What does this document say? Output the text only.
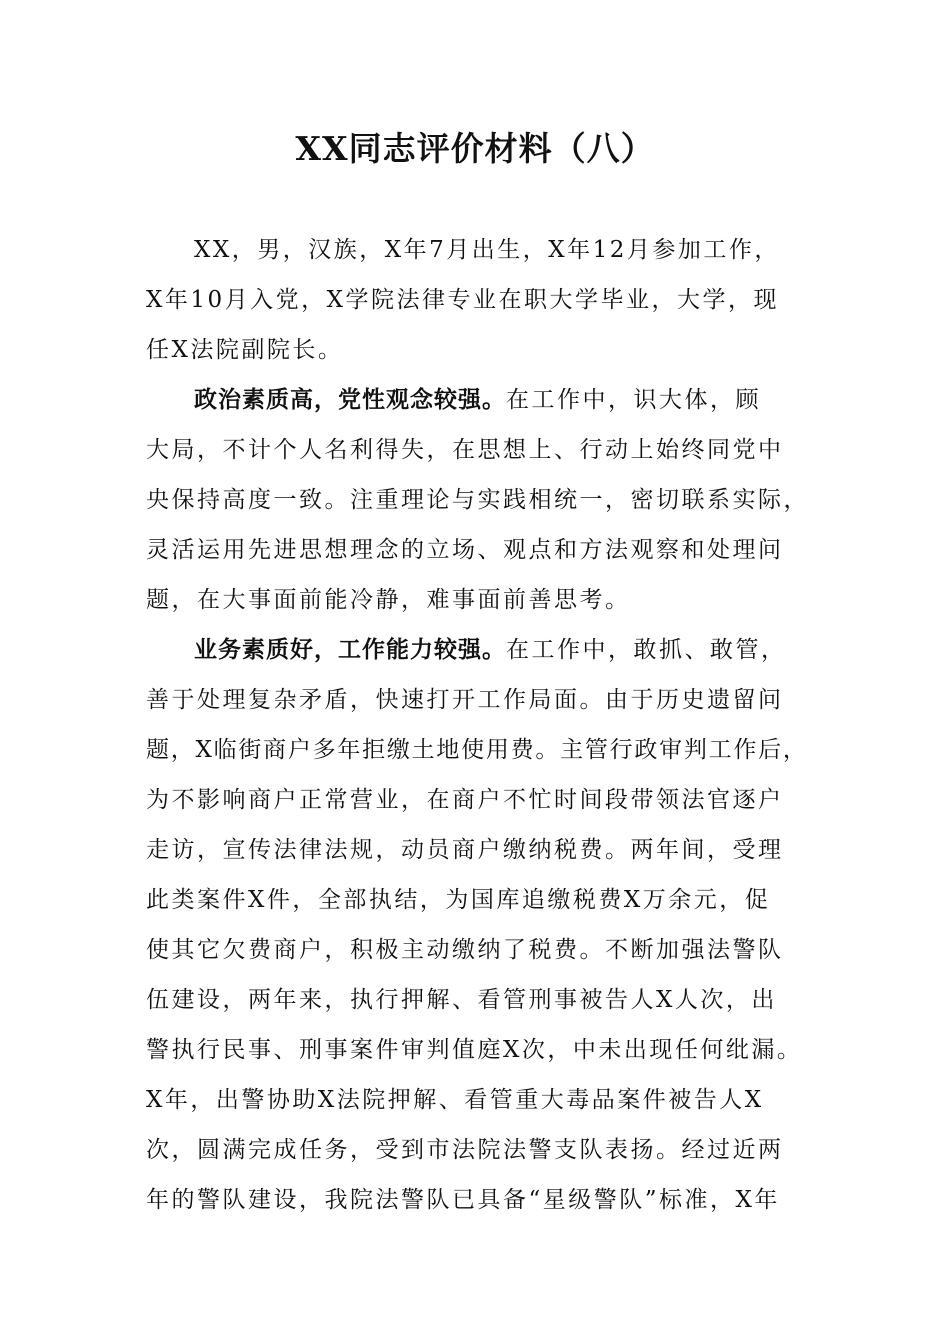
XX同志评价材料（八）
XX，男，汉族，X年7月出生，X年12月参加工作，
X年10月入党，X学院法律专业在职大学毕业，大学，现
任X法院副院长。
政治素质高，党性观念较强。在工作中，识大体，顾
大局，不计个人名利得失，在思想上、行动上始终同党中
央保持高度一致。注重理论与实践相统一，密切联系实际，
灵活运用先进思想理念的立场、观点和方法观察和处理问
题，在大事面前能冷静，难事面前善思考。
业务素质好，工作能力较强。在工作中，敢抓、敢管，
善于处理复杂矛盾，快速打开工作局面。由于历史遗留问
题，X临街商户多年拒缴土地使用费。主管行政审判工作后，
为不影响商户正常营业，在商户不忙时间段带领法官逐户
走访，宣传法律法规，动员商户缴纳税费。两年间，受理
此类案件X件，全部执结，为国库追缴税费X万余元，促
使其它欠费商户，积极主动缴纳了税费。不断加强法警队
伍建设，两年来，执行押解、看管刑事被告人X人次，出
警执行民事、刑事案件审判值庭X次，中未出现任何纰漏。
X年，出警协助X法院押解、看管重大毒品案件被告人X
次，圆满完成任务，受到市法院法警支队表扬。经过近两
年的警队建设，我院法警队已具备“星级警队”标准，X年
